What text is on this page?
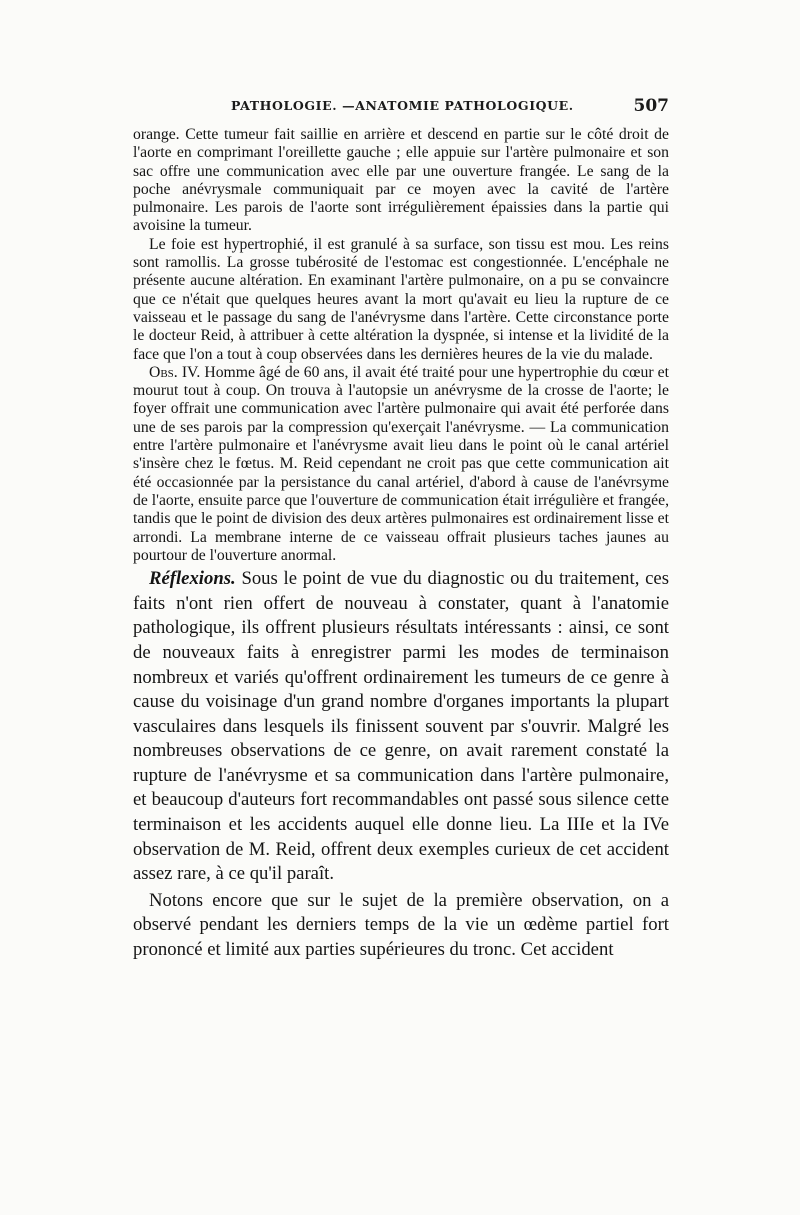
PATHOLOGIE. —ANATOMIE PATHOLOGIQUE.	507

orange. Cette tumeur fait saillie en arrière et descend en partie sur le côté droit de l'aorte en comprimant l'oreillette gauche ; elle appuie sur l'artère pulmonaire et son sac offre une communication avec elle par une ouverture frangée. Le sang de la poche anévrysmale communiquait par ce moyen avec la cavité de l'artère pulmonaire. Les parois de l'aorte sont irrégulièrement épaissies dans la partie qui avoisine la tumeur.

Le foie est hypertrophié, il est granulé à sa surface, son tissu est mou. Les reins sont ramollis. La grosse tubérosité de l'estomac est congestionnée. L'encéphale ne présente aucune altération. En examinant l'artère pulmonaire, on a pu se convaincre que ce n'était que quelques heures avant la mort qu'avait eu lieu la rupture de ce vaisseau et le passage du sang de l'anévrysme dans l'artère. Cette circonstance porte le docteur Reid, à attribuer à cette altération la dyspnée, si intense et la lividité de la face que l'on a tout à coup observées dans les dernières heures de la vie du malade.

Obs. IV. Homme âgé de 60 ans, il avait été traité pour une hypertrophie du cœur et mourut tout à coup. On trouva à l'autopsie un anévrysme de la crosse de l'aorte; le foyer offrait une communication avec l'artère pulmonaire qui avait été perforée dans une de ses parois par la compression qu'exerçait l'anévrysme. — La communication entre l'artère pulmonaire et l'anévrysme avait lieu dans le point où le canal artériel s'insère chez le fœtus. M. Reid cependant ne croit pas que cette communication ait été occasionnée par la persistance du canal artériel, d'abord à cause de l'anévrsyme de l'aorte, ensuite parce que l'ouverture de communication était irrégulière et frangée, tandis que le point de division des deux artères pulmonaires est ordinairement lisse et arrondi. La membrane interne de ce vaisseau offrait plusieurs taches jaunes au pourtour de l'ouverture anormal.

Réflexions. Sous le point de vue du diagnostic ou du traitement, ces faits n'ont rien offert de nouveau à constater, quant à l'anatomie pathologique, ils offrent plusieurs résultats intéressants : ainsi, ce sont de nouveaux faits à enregistrer parmi les modes de terminaison nombreux et variés qu'offrent ordinairement les tumeurs de ce genre à cause du voisinage d'un grand nombre d'organes importants la plupart vasculaires dans lesquels ils finissent souvent par s'ouvrir. Malgré les nombreuses observations de ce genre, on avait rarement constaté la rupture de l'anévrysme et sa communication dans l'artère pulmonaire, et beaucoup d'auteurs fort recommandables ont passé sous silence cette terminaison et les accidents auquel elle donne lieu. La IIIe et la IVe observation de M. Reid, offrent deux exemples curieux de cet accident assez rare, à ce qu'il paraît.

Notons encore que sur le sujet de la première observation, on a observé pendant les derniers temps de la vie un œdème partiel fort prononcé et limité aux parties supérieures du tronc. Cet accident
